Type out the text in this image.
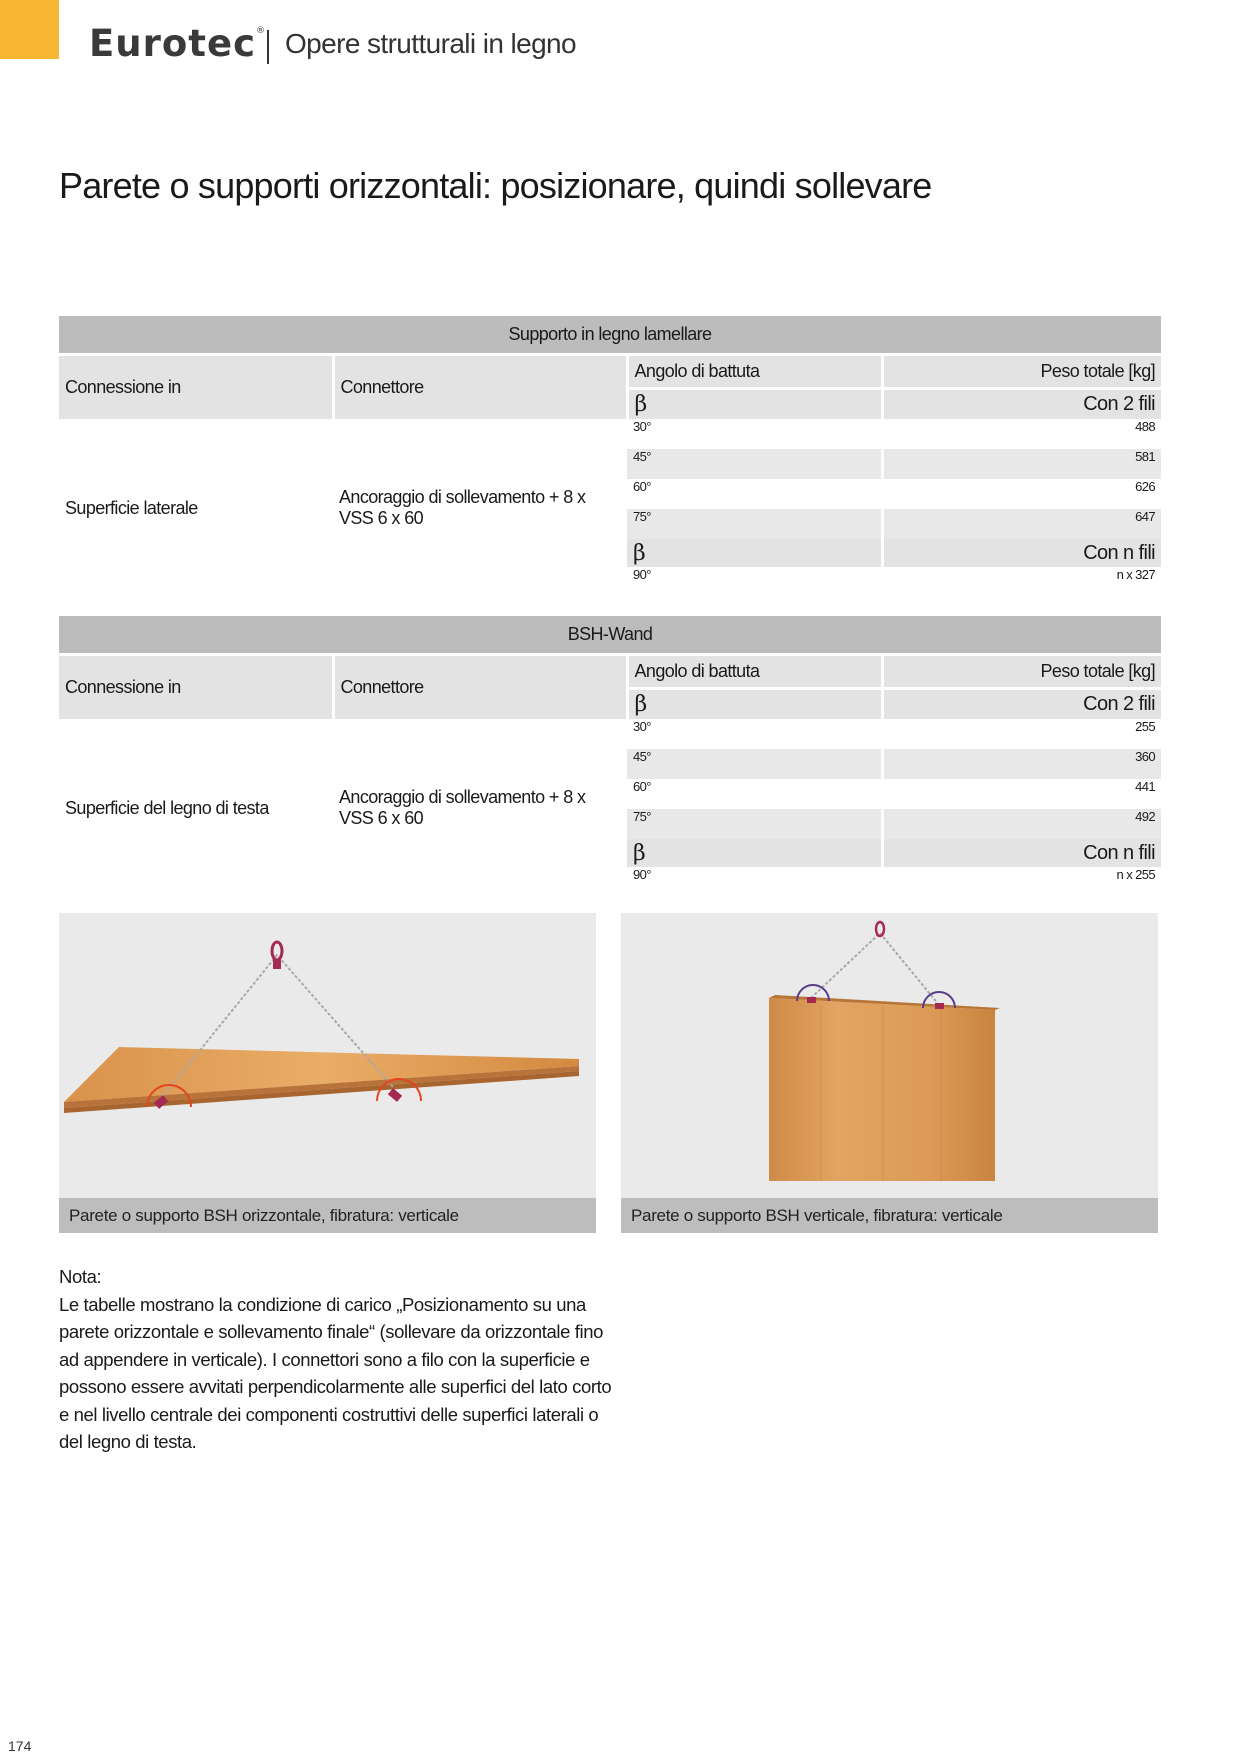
Eurotec® Opere strutturali in legno
Parete o supporti orizzontali: posizionare, quindi sollevare
Supporto in legno lamellare			
Connessione in	Connettore	Angolo di battuta	Peso totale [kg]
		β	Con 2 fili
Superficie laterale	Ancoraggio di sollevamento + 8 x VSS 6 x 60	30°	488
		45°	581
		60°	626
		75°	647
		β	Con n fili
		90°	n x 327
BSH-Wand			
Connessione in	Connettore	Angolo di battuta	Peso totale [kg]
		β	Con 2 fili
Superficie del legno di testa	Ancoraggio di sollevamento + 8 x VSS 6 x 60	30°	255
		45°	360
		60°	441
		75°	492
		β	Con n fili
		90°	n x 255
Parete o supporto BSH orizzontale, fibratura: verticale	Parete o supporto BSH verticale, fibratura: verticale

Nota:

Le tabelle mostrano la condizione di carico „Posizionamento su una parete orizzontale e sollevamento finale“ (sollevare da orizzontale fino ad appendere in verticale). I connettori sono a filo con la superficie e possono essere avvitati perpendicolarmente alle superfici del lato corto e nel livello centrale dei componenti costruttivi delle superfici laterali o del legno di testa.

174
